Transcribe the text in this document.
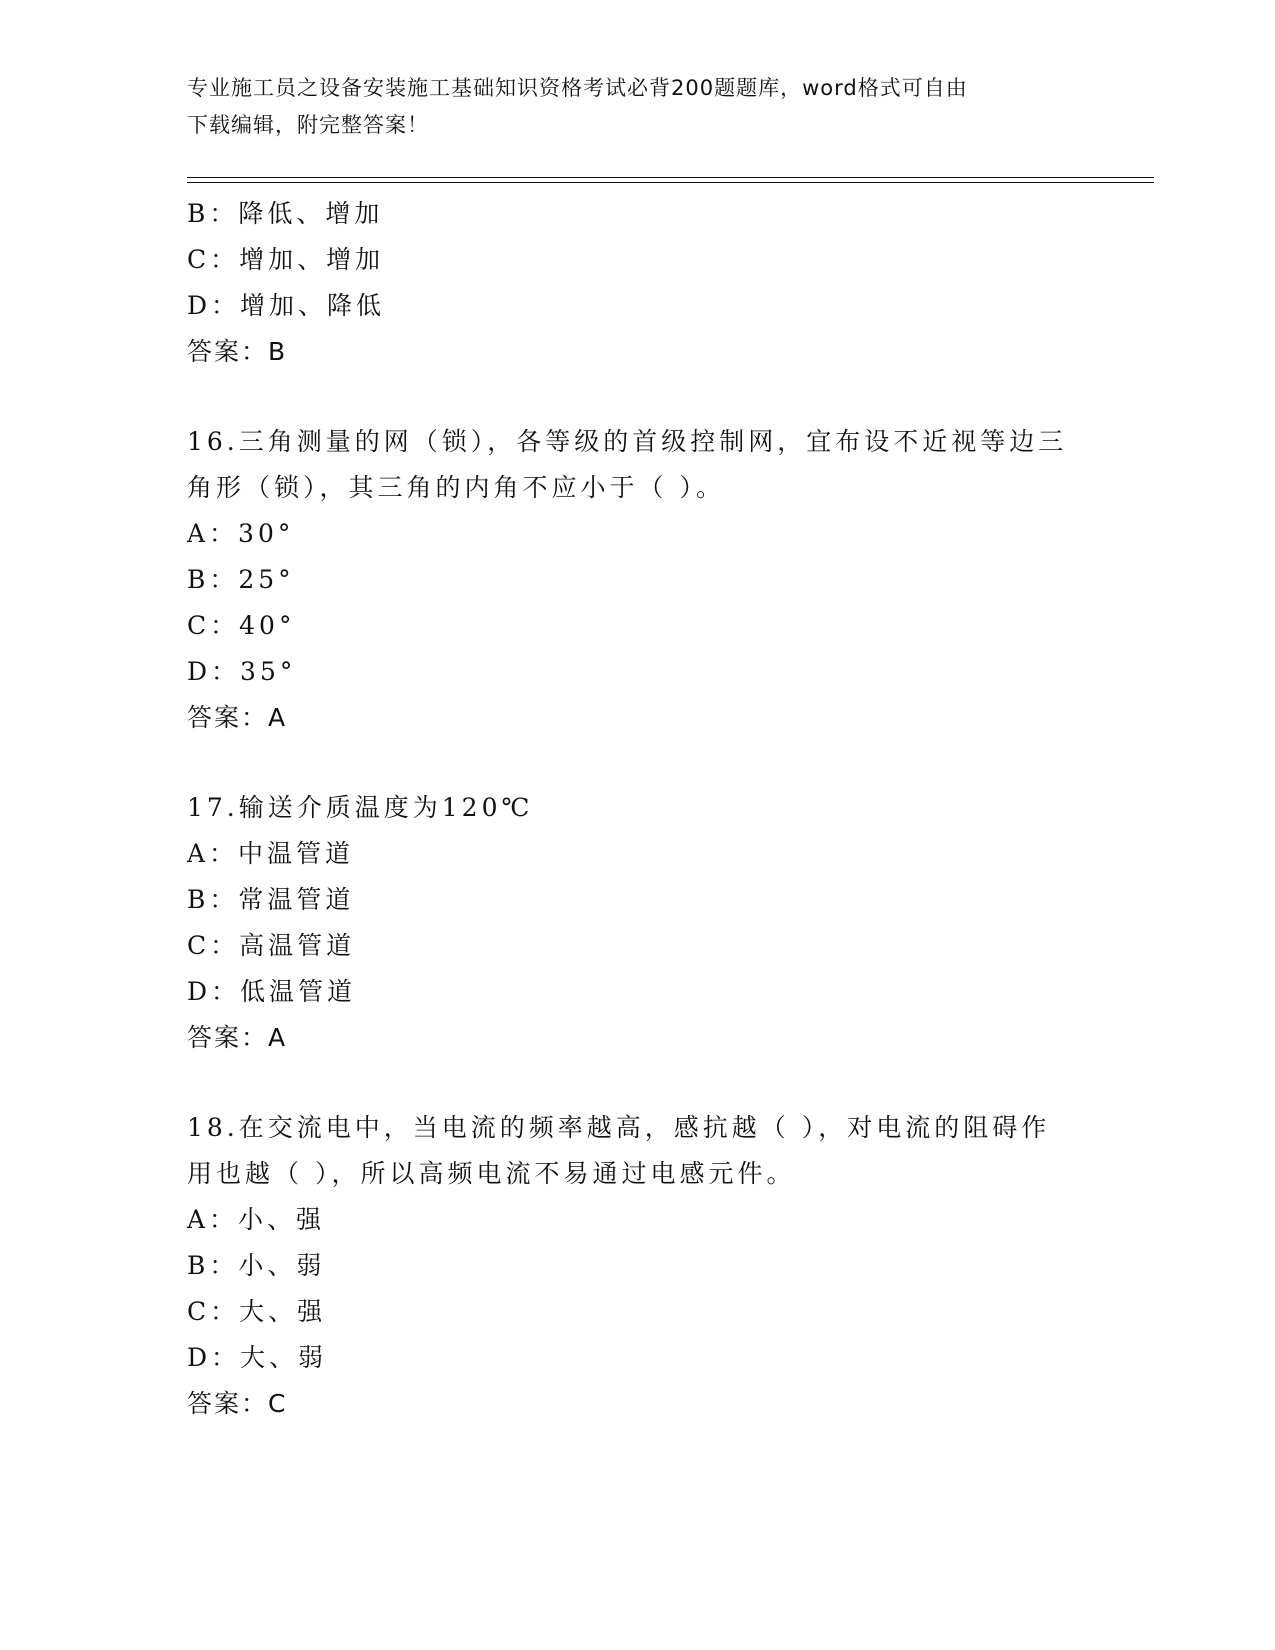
专业施工员之设备安装施工基础知识资格考试必背200题题库，word格式可自由
下载编辑，附完整答案！
B：降低、增加
C：增加、增加
D：增加、降低
答案：B
16.三角测量的网（锁），各等级的首级控制网，宜布设不近视等边三
角形（锁），其三角的内角不应小于（ ）。
A：30°
B：25°
C：40°
D：35°
答案：A
17.输送介质温度为120℃
A：中温管道
B：常温管道
C：高温管道
D：低温管道
答案：A
18.在交流电中，当电流的频率越高，感抗越（ ），对电流的阻碍作
用也越（ ），所以高频电流不易通过电感元件。
A：小、强
B：小、弱
C：大、强
D：大、弱
答案：C
